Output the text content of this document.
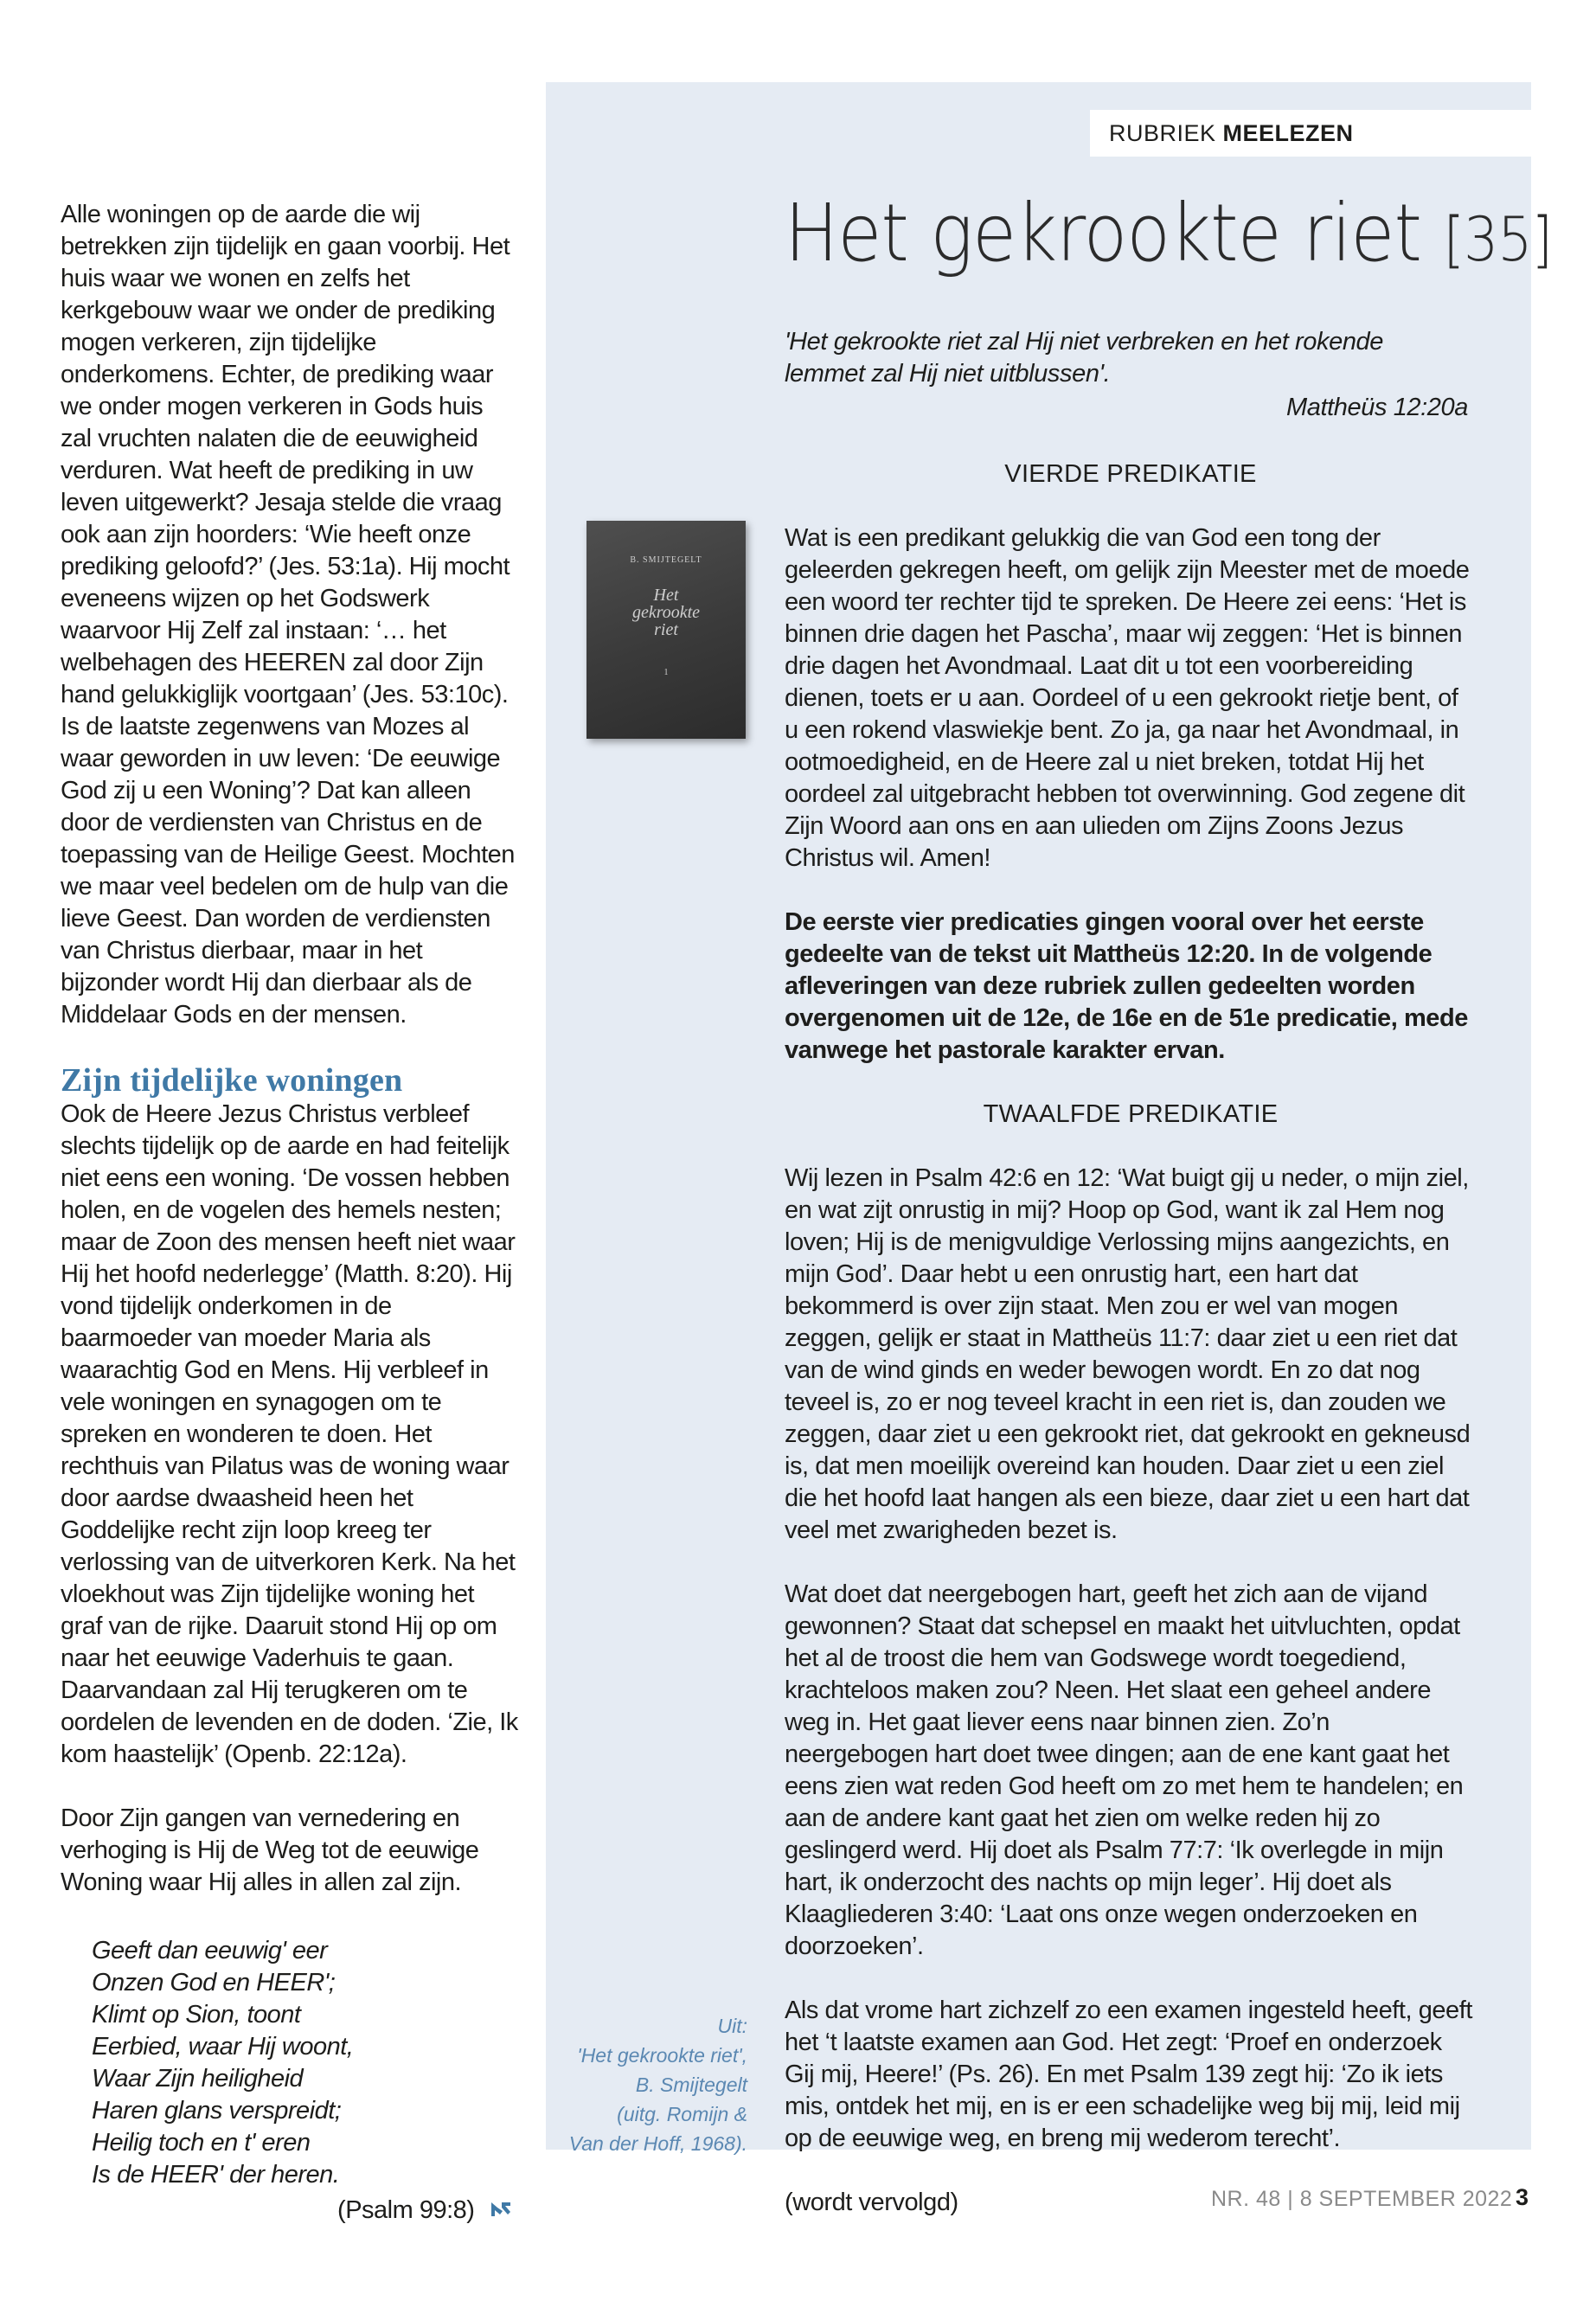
Alle woningen op de aarde die wij betrekken zijn tijdelijk en gaan voorbij. Het huis waar we wonen en zelfs het kerkgebouw waar we onder de prediking mogen verkeren, zijn tijdelijke onderkomens. Echter, de prediking waar we onder mogen verkeren in Gods huis zal vruchten nalaten die de eeuwigheid verduren. Wat heeft de prediking in uw leven uitgewerkt? Jesaja stelde die vraag ook aan zijn hoorders: ‘Wie heeft onze prediking geloofd?’ (Jes. 53:1a). Hij mocht eveneens wijzen op het Godswerk waarvoor Hij Zelf zal instaan: ‘… het welbehagen des HEEREN zal door Zijn hand gelukkiglijk voortgaan’ (Jes. 53:10c). Is de laatste zegenwens van Mozes al waar geworden in uw leven: ‘De eeuwige God zij u een Woning’? Dat kan alleen door de verdiensten van Christus en de toepassing van de Heilige Geest. Mochten we maar veel bedelen om de hulp van die lieve Geest. Dan worden de verdiensten van Christus dierbaar, maar in het bijzonder wordt Hij dan dierbaar als de Middelaar Gods en der mensen.

Zijn tijdelijke woningen

Ook de Heere Jezus Christus verbleef slechts tijdelijk op de aarde en had feitelijk niet eens een woning. ‘De vossen hebben holen, en de vogelen des hemels nesten; maar de Zoon des mensen heeft niet waar Hij het hoofd nederlegge’ (Matth. 8:20). Hij vond tijdelijk onderkomen in de baarmoeder van moeder Maria als waarachtig God en Mens. Hij verbleef in vele woningen en synagogen om te spreken en wonderen te doen. Het rechthuis van Pilatus was de woning waar door aardse dwaasheid heen het Goddelijke recht zijn loop kreeg ter verlossing van de uitverkoren Kerk. Na het vloekhout was Zijn tijdelijke woning het graf van de rijke. Daaruit stond Hij op om naar het eeuwige Vaderhuis te gaan. Daarvandaan zal Hij terugkeren om te oordelen de levenden en de doden. ‘Zie, Ik kom haastelijk’ (Openb. 22:12a).

Door Zijn gangen van vernedering en verhoging is Hij de Weg tot de eeuwige Woning waar Hij alles in allen zal zijn.

Geeft dan eeuwig' eer
Onzen God en HEER';
Klimt op Sion, toont
Eerbied, waar Hij woont,
Waar Zijn heiligheid
Haren glans verspreidt;
Heilig toch en t' eren
Is de HEER' der heren.
(Psalm 99:8)
RUBRIEK MEELEZEN
Het gekrookte riet [35]
'Het gekrookte riet zal Hij niet verbreken en het rokende lemmet zal Hij niet uitblussen'.
Mattheüs 12:20a
B. SMIJTEGELT
Het
gekrookte
riet
1
Uit:
'Het gekrookte riet',
B. Smijtegelt
(uitg. Romijn &
Van der Hoff, 1968).

VIERDE PREDIKATIE

Wat is een predikant gelukkig die van God een tong der geleerden gekregen heeft, om gelijk zijn Meester met de moede een woord ter rechter tijd te spreken. De Heere zei eens: ‘Het is binnen drie dagen het Pascha’, maar wij zeggen: ‘Het is binnen drie dagen het Avondmaal. Laat dit u tot een voorbereiding dienen, toets er u aan. Oordeel of u een gekrookt rietje bent, of u een rokend vlaswiekje bent. Zo ja, ga naar het Avondmaal, in ootmoedigheid, en de Heere zal u niet breken, totdat Hij het oordeel zal uitgebracht hebben tot overwinning. God zegene dit Zijn Woord aan ons en aan ulieden om Zijns Zoons Jezus Christus wil. Amen!

De eerste vier predicaties gingen vooral over het eerste gedeelte van de tekst uit Mattheüs 12:20. In de volgende afleveringen van deze rubriek zullen gedeelten worden overgenomen uit de 12e, de 16e en de 51e predicatie, mede vanwege het pastorale karakter ervan.

TWAALFDE PREDIKATIE

Wij lezen in Psalm 42:6 en 12: ‘Wat buigt gij u neder, o mijn ziel, en wat zijt onrustig in mij? Hoop op God, want ik zal Hem nog loven; Hij is de menigvuldige Verlossing mijns aangezichts, en mijn God’. Daar hebt u een onrustig hart, een hart dat bekommerd is over zijn staat. Men zou er wel van mogen zeggen, gelijk er staat in Mattheüs 11:7: daar ziet u een riet dat van de wind ginds en weder bewogen wordt. En zo dat nog teveel is, zo er nog teveel kracht in een riet is, dan zouden we zeggen, daar ziet u een gekrookt riet, dat gekrookt en gekneusd is, dat men moeilijk overeind kan houden. Daar ziet u een ziel die het hoofd laat hangen als een bieze, daar ziet u een hart dat veel met zwarigheden bezet is.

Wat doet dat neergebogen hart, geeft het zich aan de vijand gewonnen? Staat dat schepsel en maakt het uitvluchten, opdat het al de troost die hem van Godswege wordt toegediend, krachteloos maken zou? Neen. Het slaat een geheel andere weg in. Het gaat liever eens naar binnen zien. Zo’n neergebogen hart doet twee dingen; aan de ene kant gaat het eens zien wat reden God heeft om zo met hem te handelen; en aan de andere kant gaat het zien om welke reden hij zo geslingerd werd. Hij doet als Psalm 77:7: ‘Ik overlegde in mijn hart, ik onderzocht des nachts op mijn leger’. Hij doet als Klaagliederen 3:40: ‘Laat ons onze wegen onderzoeken en doorzoeken’.

Als dat vrome hart zichzelf zo een examen ingesteld heeft, geeft het ‘t laatste examen aan God. Het zegt: ‘Proef en onderzoek Gij mij, Heere!’ (Ps. 26). En met Psalm 139 zegt hij: ‘Zo ik iets mis, ontdek het mij, en is er een schadelijke weg bij mij, leid mij op de eeuwige weg, en breng mij wederom terecht’.

(wordt vervolgd)	NR. 48 | 8 SEPTEMBER 2022 3
